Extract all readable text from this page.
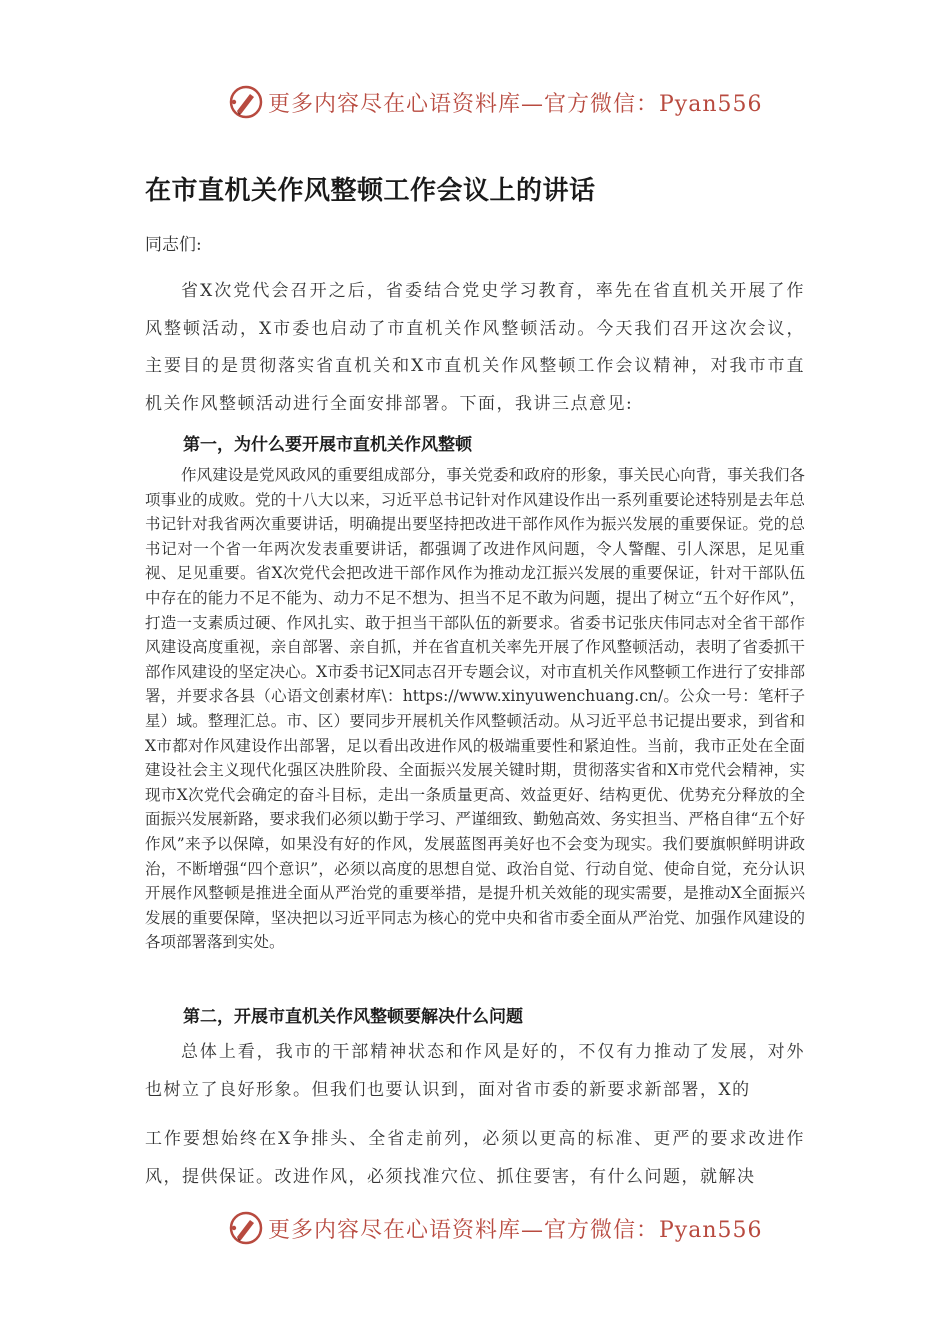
更多内容尽在心语资料库—官方微信：Pyan556
在市直机关作风整顿工作会议上的讲话
同志们:

省X次党代会召开之后，省委结合党史学习教育，率先在省直机关开展了作风整顿活动，X市委也启动了市直机关作风整顿活动。今天我们召开这次会议，主要目的是贯彻落实省直机关和X市直机关作风整顿工作会议精神，对我市市直机关作风整顿活动进行全面安排部署。下面，我讲三点意见:

第一，为什么要开展市直机关作风整顿

作风建设是党风政风的重要组成部分，事关党委和政府的形象，事关民心向背，事关我们各项事业的成败。党的十八大以来，习近平总书记针对作风建设作出一系列重要论述特别是去年总书记针对我省两次重要讲话，明确提出要坚持把改进干部作风作为振兴发展的重要保证。党的总书记对一个省一年两次发表重要讲话，都强调了改进作风问题，令人警醒、引人深思，足见重视、足见重要。省X次党代会把改进干部作风作为推动龙江振兴发展的重要保证，针对干部队伍中存在的能力不足不能为、动力不足不想为、担当不足不敢为问题，提出了树立“五个好作风”，打造一支素质过硬、作风扎实、敢于担当干部队伍的新要求。省委书记张庆伟同志对全省干部作风建设高度重视，亲自部署、亲自抓，并在省直机关率先开展了作风整顿活动，表明了省委抓干部作风建设的坚定决心。X市委书记X同志召开专题会议，对市直机关作风整顿工作进行了安排部署，并要求各县（心语文创素材库\：https://www.xinyuwenchuang.cn/。公众一号：笔杆子星）域。整理汇总。市、区）要同步开展机关作风整顿活动。从习近平总书记提出要求，到省和X市都对作风建设作出部署，足以看出改进作风的极端重要性和紧迫性。当前，我市正处在全面建设社会主义现代化强区决胜阶段、全面振兴发展关键时期，贯彻落实省和X市党代会精神，实现市X次党代会确定的奋斗目标，走出一条质量更高、效益更好、结构更优、优势充分释放的全面振兴发展新路，要求我们必须以勤于学习、严谨细致、勤勉高效、务实担当、严格自律“五个好作风”来予以保障，如果没有好的作风，发展蓝图再美好也不会变为现实。我们要旗帜鲜明讲政治，不断增强“四个意识”，必须以高度的思想自觉、政治自觉、行动自觉、使命自觉，充分认识开展作风整顿是推进全面从严治党的重要举措，是提升机关效能的现实需要，是推动X全面振兴发展的重要保障，坚决把以习近平同志为核心的党中央和省市委全面从严治党、加强作风建设的各项部署落到实处。

第二，开展市直机关作风整顿要解决什么问题

总体上看，我市的干部精神状态和作风是好的，不仅有力推动了发展，对外也树立了良好形象。但我们也要认识到，面对省市委的新要求新部署，X的

工作要想始终在X争排头、全省走前列，必须以更高的标准、更严的要求改进作风，提供保证。改进作风，必须找准穴位、抓住要害，有什么问题，就解决

更多内容尽在心语资料库—官方微信：Pyan556
